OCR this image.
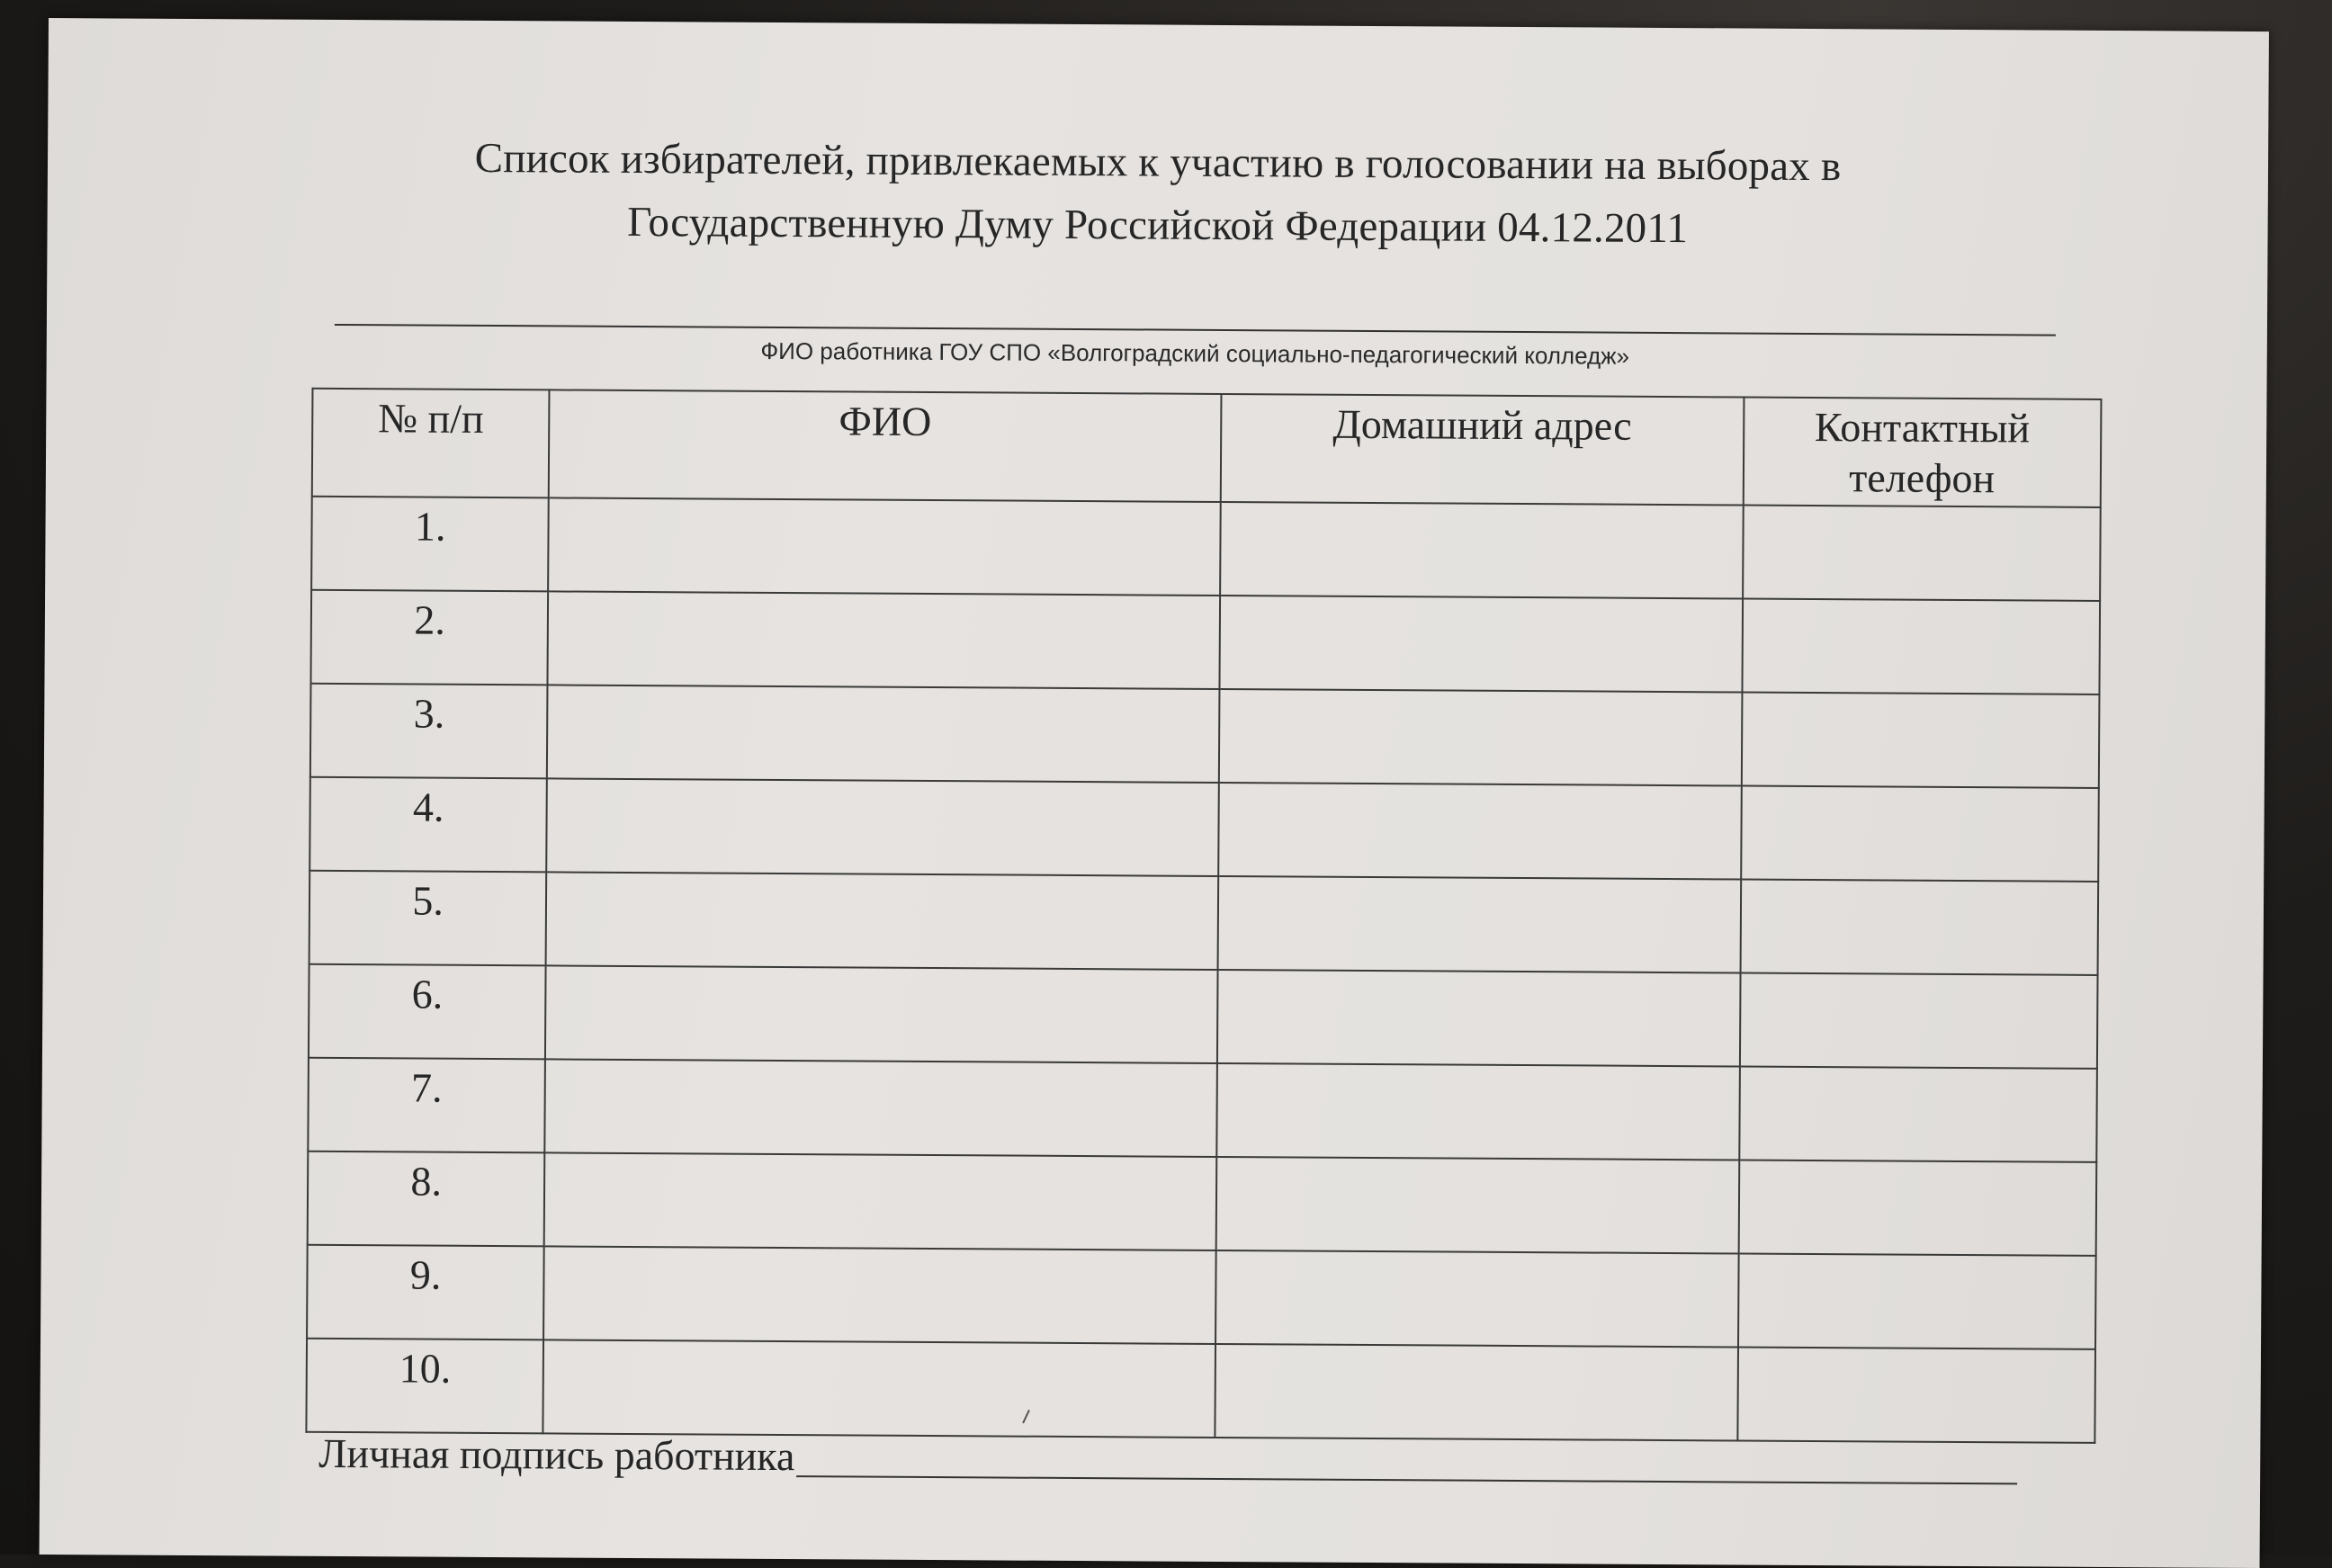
Список избирателей, привлекаемых к участию в голосовании на выборах в
Государственную Думу Российской Федерации 04.12.2011
ФИО работника ГОУ СПО «Волгоградский социально-педагогический колледж»
№ п/п	ФИО	Домашний адрес	Контактный телефон
1.			
2.			
3.			
4.			
5.			
6.			
7.			
8.			
9.			
10.			
Личная подпись работника
